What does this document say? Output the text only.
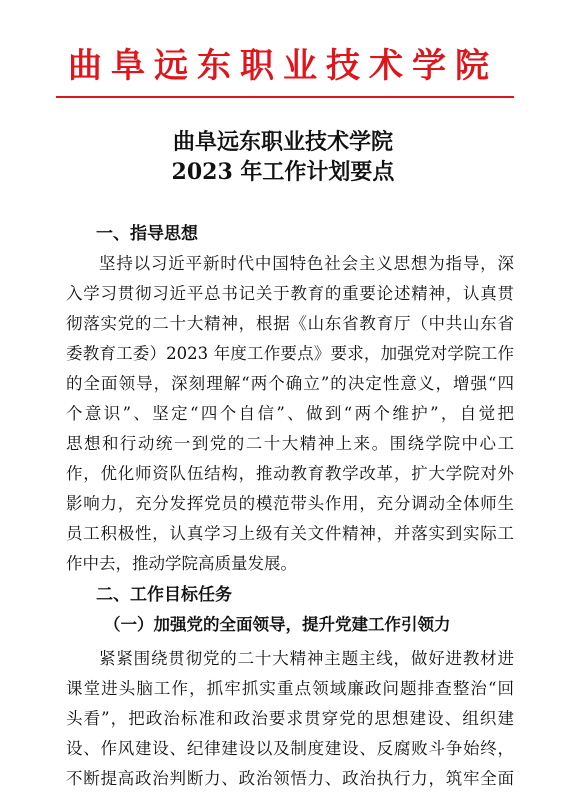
曲阜远东职业技术学院
曲阜远东职业技术学院
2023 年工作计划要点
一、指导思想
坚持以习近平新时代中国特色社会主义思想为指导，深
入学习贯彻习近平总书记关于教育的重要论述精神，认真贯
彻落实党的二十大精神，根据《山东省教育厅（中共山东省
委教育工委）2023 年度工作要点》要求，加强党对学院工作
的全面领导，深刻理解“两个确立”的决定性意义，增强“四
个意识”、坚定“四个自信”、做到“两个维护”，自觉把
思想和行动统一到党的二十大精神上来。围绕学院中心工
作，优化师资队伍结构，推动教育教学改革，扩大学院对外
影响力，充分发挥党员的模范带头作用，充分调动全体师生
员工积极性，认真学习上级有关文件精神，并落实到实际工
作中去，推动学院高质量发展。
二、工作目标任务
（一）加强党的全面领导，提升党建工作引领力
紧紧围绕贯彻党的二十大精神主题主线，做好进教材进
课堂进头脑工作，抓牢抓实重点领域廉政问题排查整治“回
头看”，把政治标准和政治要求贯穿党的思想建设、组织建
设、作风建设、纪律建设以及制度建设、反腐败斗争始终，
不断提高政治判断力、政治领悟力、政治执行力，筑牢全面
